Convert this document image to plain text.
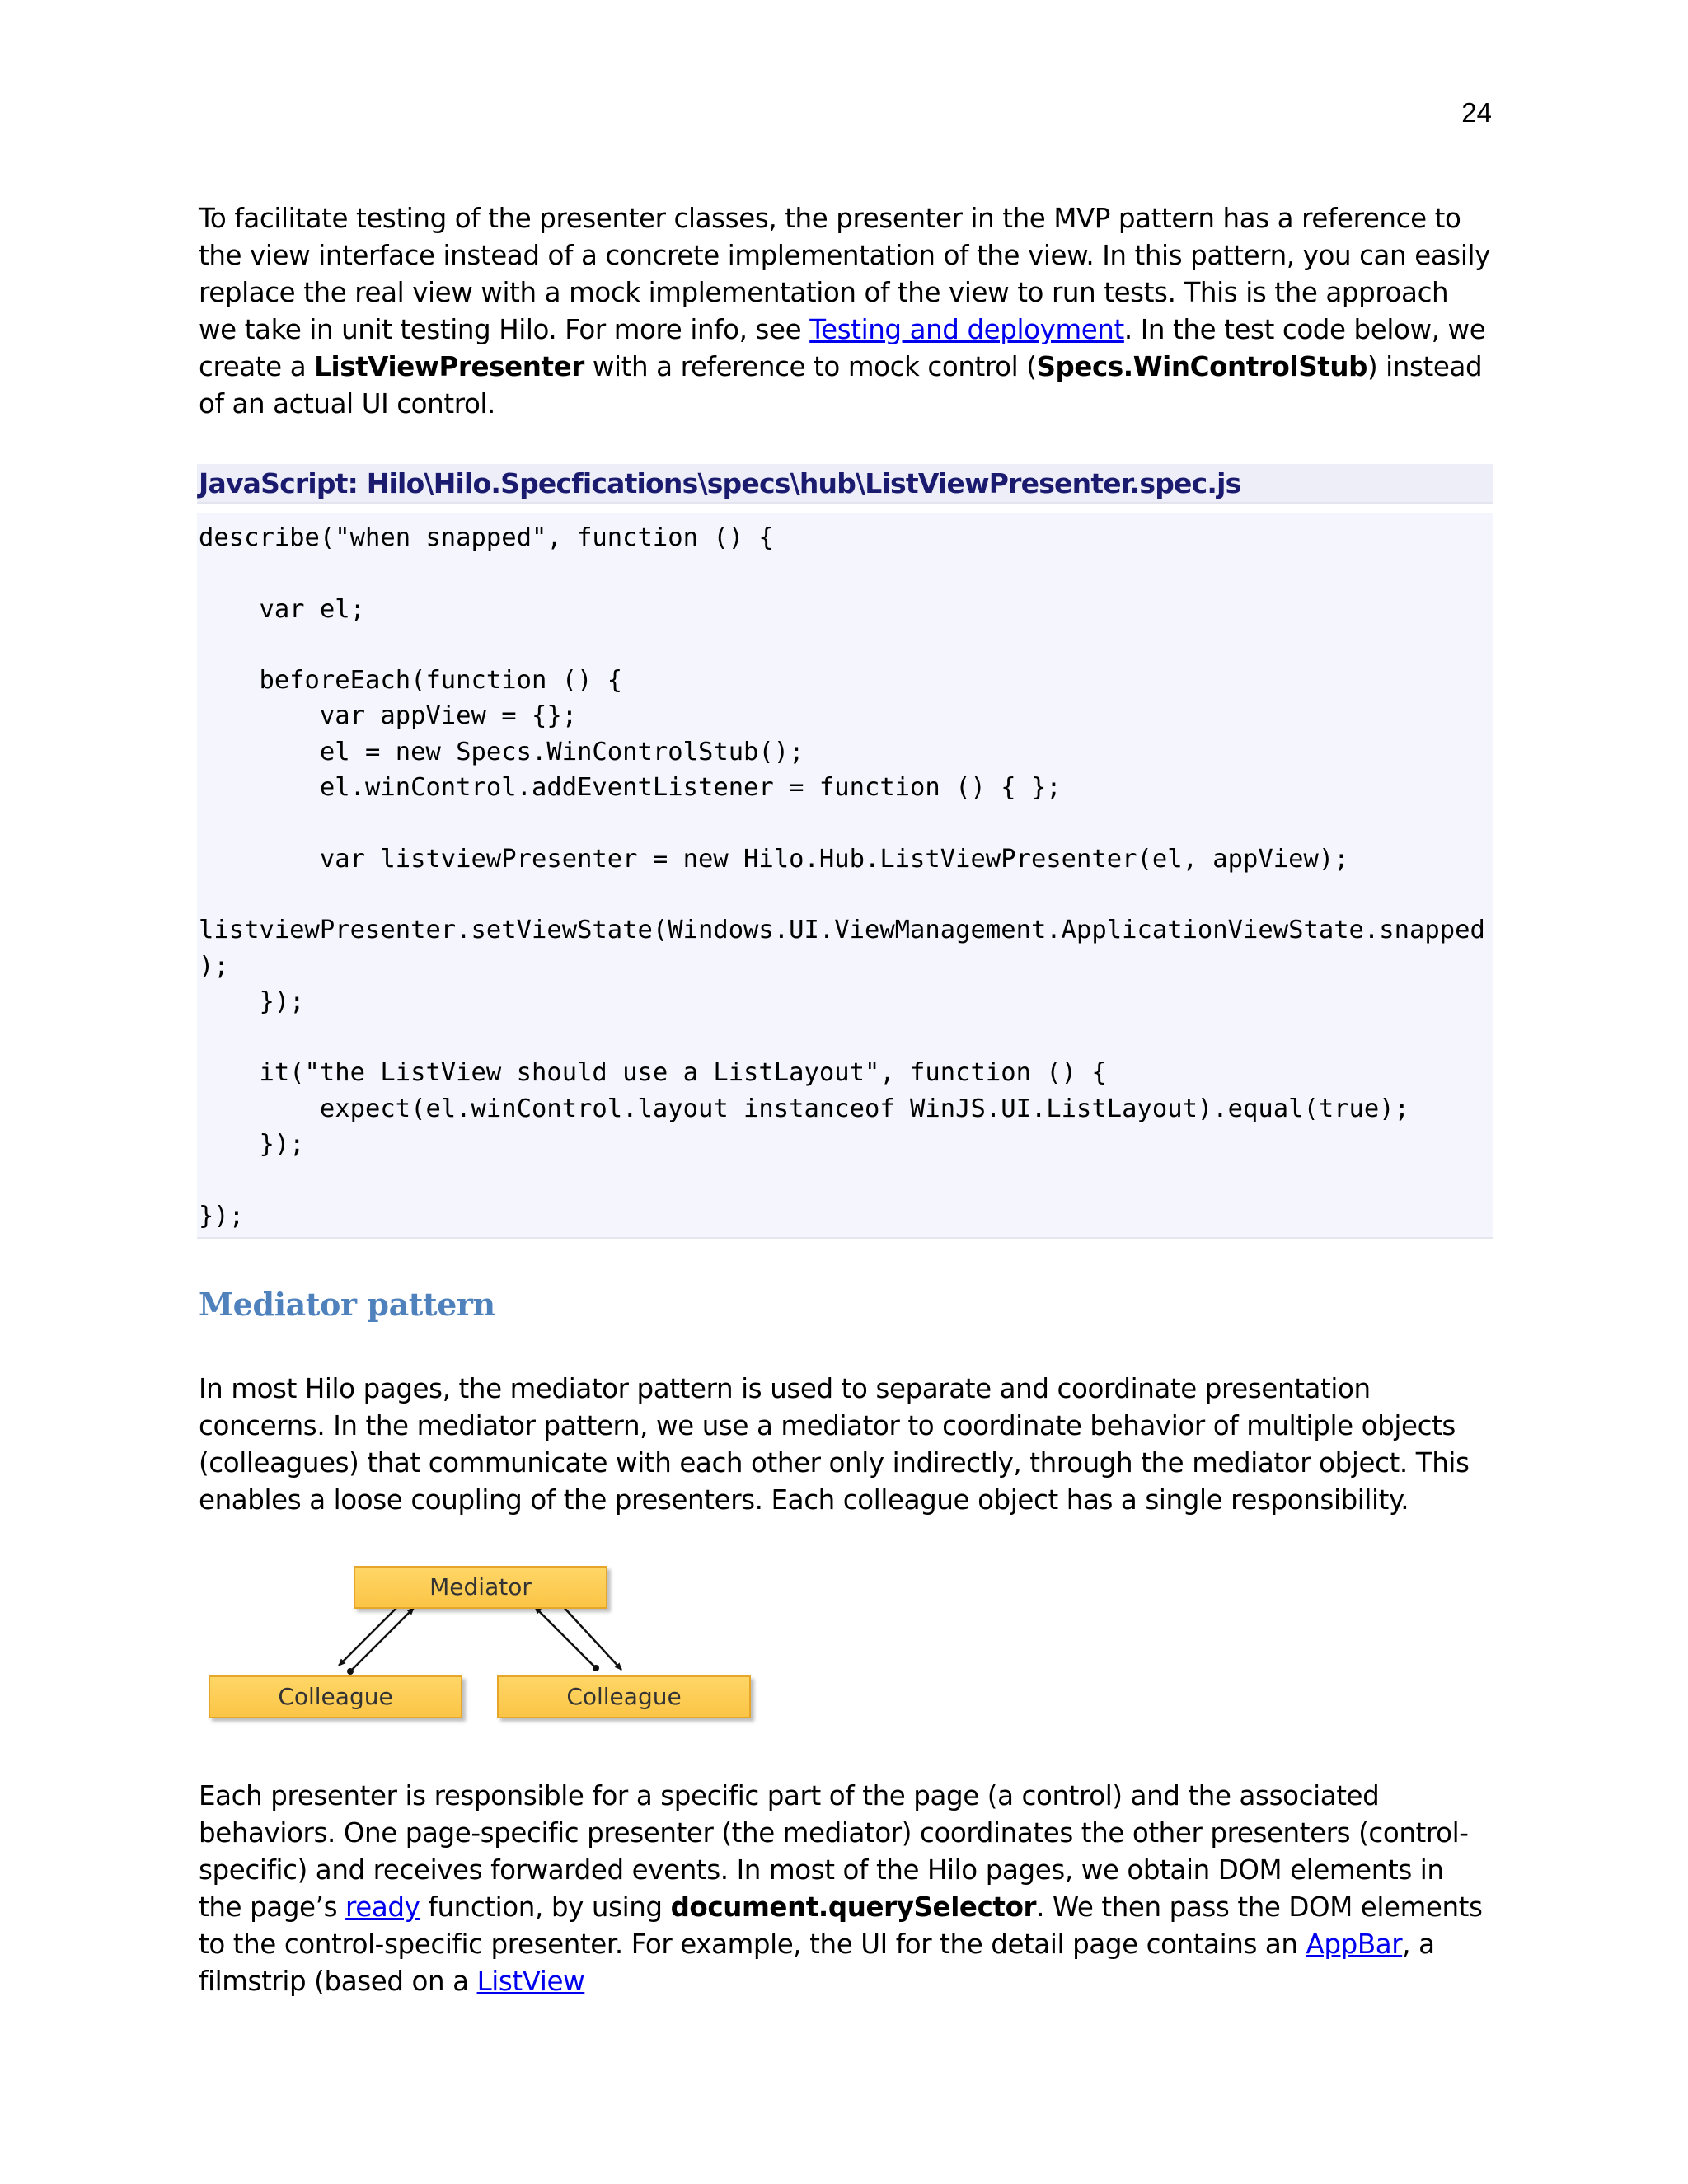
24

To facilitate testing of the presenter classes, the presenter in the MVP pattern has a reference to the view interface instead of a concrete implementation of the view. In this pattern, you can easily replace the real view with a mock implementation of the view to run tests. This is the approach we take in unit testing Hilo. For more info, see Testing and deployment. In the test code below, we create a ListViewPresenter with a reference to mock control (Specs.WinControlStub) instead of an actual UI control.

JavaScript: Hilo\Hilo.Specfications\specs\hub\ListViewPresenter.spec.js
describe("when snapped", function () {

var el;

beforeEach(function () {
var appView = {};
el = new Specs.WinControlStub();
el.winControl.addEventListener = function () { };

var listviewPresenter = new Hilo.Hub.ListViewPresenter(el, appView);

listviewPresenter.setViewState(Windows.UI.ViewManagement.ApplicationViewState.snapped
);
});

it("the ListView should use a ListLayout", function () {
expect(el.winControl.layout instanceof WinJS.UI.ListLayout).equal(true);
});

});
Mediator pattern

In most Hilo pages, the mediator pattern is used to separate and coordinate presentation concerns. In the mediator pattern, we use a mediator to coordinate behavior of multiple objects (colleagues) that communicate with each other only indirectly, through the mediator object. This enables a loose coupling of the presenters. Each colleague object has a single responsibility.

Mediator
Colleague	Colleague

Each presenter is responsible for a specific part of the page (a control) and the associated behaviors. One page-specific presenter (the mediator) coordinates the other presenters (control-specific) and receives forwarded events. In most of the Hilo pages, we obtain DOM elements in the page’s ready function, by using document.querySelector. We then pass the DOM elements to the control-specific presenter. For example, the UI for the detail page contains an AppBar, a filmstrip (based on a ListView
